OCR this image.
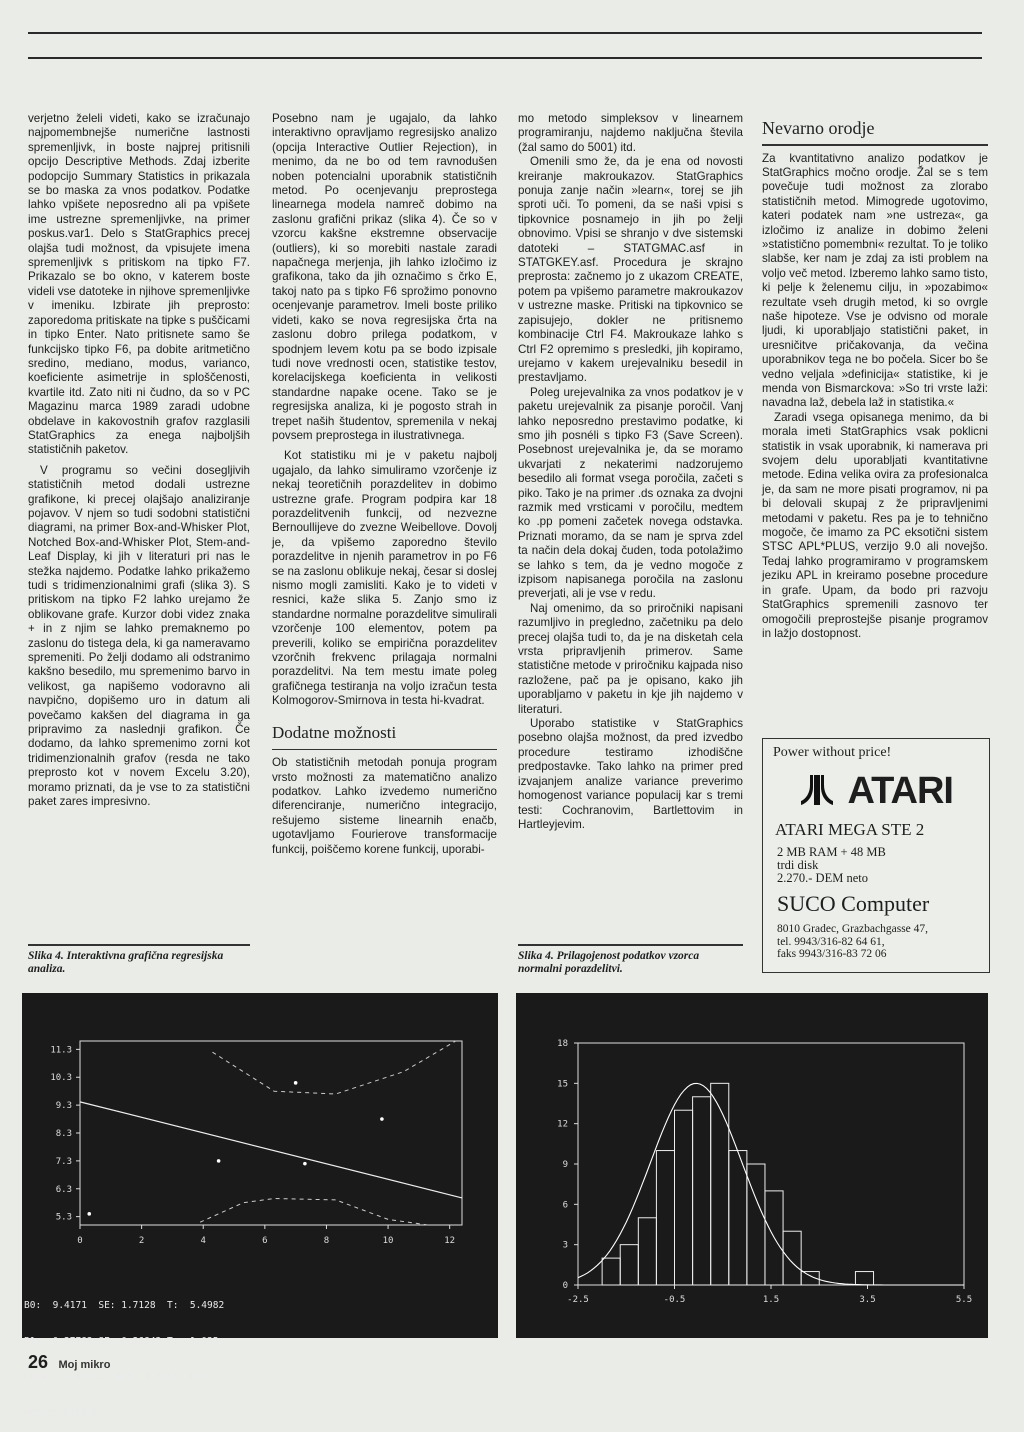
verjetno želeli videti, kako se izračunajo najpomembnejše numerične lastnosti spremenljivk, in boste najprej pritisnili opcijo Descriptive Methods. Zdaj izberite podopcijo Summary Statistics in prikazala se bo maska za vnos podatkov. Podatke lahko vpišete neposredno ali pa vpišete ime ustrezne spremenljivke, na primer poskus.var1. Delo s StatGraphics precej olajša tudi možnost, da vpisujete imena spremenljivk s pritiskom na tipko F7. Prikazalo se bo okno, v katerem boste videli vse datoteke in njihove spremenljivke v imeniku. Izbirate jih preprosto: zaporedoma pritiskate na tipke s puščicami in tipko Enter. Nato pritisnete samo še funkcijsko tipko F6, pa dobite aritmetično sredino, mediano, modus, varianco, koeficiente asimetrije in sploščenosti, kvartile itd. Zato niti ni čudno, da so v PC Magazinu marca 1989 zaradi udobne obdelave in kakovostnih grafov razglasili StatGraphics za enega najboljših statističnih paketov.

V programu so večini dosegljivih statističnih metod dodali ustrezne grafikone, ki precej olajšajo analiziranje pojavov. V njem so tudi sodobni statistični diagrami, na primer Box-and-Whisker Plot, Notched Box-and-Whisker Plot, Stem-and-Leaf Display, ki jih v literaturi pri nas le stežka najdemo. Podatke lahko prikažemo tudi s tridimenzionalnimi grafi (slika 3). S pritiskom na tipko F2 lahko urejamo že oblikovane grafe. Kurzor dobi videz znaka + in z njim se lahko premaknemo po zaslonu do tistega dela, ki ga nameravamo spremeniti. Po želji dodamo ali odstranimo kakšno besedilo, mu spremenimo barvo in velikost, ga napišemo vodoravno ali navpično, dopišemo uro in datum ali povečamo kakšen del diagrama in ga pripravimo za naslednji grafikon. Če dodamo, da lahko spremenimo zorni kot tridimenzionalnih grafov (resda ne tako preprosto kot v novem Excelu 3.20), moramo priznati, da je vse to za statistični paket zares impresivno.

Posebno nam je ugajalo, da lahko interaktivno opravljamo regresijsko analizo (opcija Interactive Outlier Rejection), in menimo, da ne bo od tem ravnodušen noben potencialni uporabnik statističnih metod. Po ocenjevanju preprostega linearnega modela namreč dobimo na zaslonu grafični prikaz (slika 4). Če so v vzorcu kakšne ekstremne observacije (outliers), ki so morebiti nastale zaradi napačnega merjenja, jih lahko izločimo iz grafikona, tako da jih označimo s črko E, takoj nato pa s tipko F6 sprožimo ponovno ocenjevanje parametrov. Imeli boste priliko videti, kako se nova regresijska črta na zaslonu dobro prilega podatkom, v spodnjem levem kotu pa se bodo izpisale tudi nove vrednosti ocen, statistike testov, korelacijskega koeficienta in velikosti standardne napake ocene. Tako se je regresijska analiza, ki je pogosto strah in trepet naših študentov, spremenila v nekaj povsem preprostega in ilustrativnega.

Kot statistiku mi je v paketu najbolj ugajalo, da lahko simuliramo vzorčenje iz nekaj teoretičnih porazdelitev in dobimo ustrezne grafe. Program podpira kar 18 porazdelitvenih funkcij, od nezvezne Bernoullijeve do zvezne Weibellove. Dovolj je, da vpišemo zaporedno število porazdelitve in njenih parametrov in po F6 se na zaslonu oblikuje nekaj, česar si doslej nismo mogli zamisliti. Kako je to videti v resnici, kaže slika 5. Zanjo smo iz standardne normalne porazdelitve simulirali vzorčenje 100 elementov, potem pa preverili, koliko se empirična porazdelitev vzorčnih frekvenc prilagaja normalni porazdelitvi. Na tem mestu imate poleg grafičnega testiranja na voljo izračun testa Kolmogorov-Smirnova in testa hi-kvadrat.

Dodatne možnosti

Ob statističnih metodah ponuja program vrsto možnosti za matematično analizo podatkov. Lahko izvedemo numerično diferenciranje, numerično integracijo, rešujemo sisteme linearnih enačb, ugotavljamo Fourierove transformacije funkcij, poiščemo korene funkcij, uporabi-

mo metodo simpleksov v linearnem programiranju, najdemo naključna števila (žal samo do 5001) itd.

Omenili smo že, da je ena od novosti kreiranje makroukazov. StatGraphics ponuja zanje način »learn«, torej se jih sproti uči. To pomeni, da se naši vpisi s tipkovnice posnamejo in jih po želji obnovimo. Vpisi se shranjo v dve sistemski datoteki – STATGMAC.asf in STATGKEY.asf. Procedura je skrajno preprosta: začnemo jo z ukazom CREATE, potem pa vpišemo parametre makroukazov v ustrezne maske. Pritiski na tipkovnico se zapisujejo, dokler ne pritisnemo kombinacije Ctrl F4. Makroukaze lahko s Ctrl F2 opremimo s presledki, jih kopiramo, urejamo v kakem urejevalniku besedil in prestavljamo.

Poleg urejevalnika za vnos podatkov je v paketu urejevalnik za pisanje poročil. Vanj lahko neposredno prestavimo podatke, ki smo jih posnéli s tipko F3 (Save Screen). Posebnost urejevalnika je, da se moramo ukvarjati z nekaterimi nadzorujemo besedilo ali format vsega poročila, začeti s piko. Tako je na primer .ds oznaka za dvojni razmik med vrsticami v poročilu, medtem ko .pp pomeni začetek novega odstavka. Priznati moramo, da se nam je sprva zdel ta način dela dokaj čuden, toda potolažimo se lahko s tem, da je vedno mogoče z izpisom napisanega poročila na zaslonu preverjati, ali je vse v redu.

Naj omenimo, da so priročniki napisani razumljivo in pregledno, začetniku pa delo precej olajša tudi to, da je na disketah cela vrsta pripravljenih primerov. Same statistične metode v priročniku kajpada niso razložene, pač pa je opisano, kako jih uporabljamo v paketu in kje jih najdemo v literaturi.

Uporabo statistike v StatGraphics posebno olajša možnost, da pred izvedbo procedure testiramo izhodiščne predpostavke. Tako lahko na primer pred izvajanjem analize variance preverimo homogenost variance populacij kar s tremi testi: Cochranovim, Bartlettovim in Hartleyjevim.

Nevarno orodje

Za kvantitativno analizo podatkov je StatGraphics močno orodje. Žal se s tem povečuje tudi možnost za zlorabo statističnih metod. Mimogrede ugotovimo, kateri podatek nam »ne ustreza«, ga izločimo iz analize in dobimo želeni »statistično pomembni« rezultat. To je toliko slabše, ker nam je zdaj za isti problem na voljo več metod. Izberemo lahko samo tisto, ki pelje k želenemu cilju, in »pozabimo« rezultate vseh drugih metod, ki so ovrgle naše hipoteze. Vse je odvisno od morale ljudi, ki uporabljajo statistični paket, in uresničitve pričakovanja, da večina uporabnikov tega ne bo počela. Sicer bo še vedno veljala »definicija« statistike, ki je menda von Bismarckova: »So tri vrste laži: navadna laž, debela laž in statistika.«

Zaradi vsega opisanega menimo, da bi morala imeti StatGraphics vsak poklicni statistik in vsak uporabnik, ki namerava pri svojem delu uporabljati kvantitativne metode. Edina velika ovira za profesionalca je, da sam ne more pisati programov, ni pa bi delovali skupaj z že pripravljenimi metodami v paketu. Res pa je to tehnično mogoče, če imamo za PC eksotični sistem STSC APL*PLUS, verzijo 9.0 ali novejšo. Tedaj lahko programiramo v programskem jeziku APL in kreiramo posebne procedure in grafe. Upam, da bodo pri razvoju StatGraphics spremenili zasnovo ter omogočili preprostejše pisanje programov in lažjo dostopnost.

Slika 4. Interaktivna grafična regresijska analiza.
Slika 4. Prilagojenost podatkov vzorca normalni porazdelitvi.
Power without price!
ATARI
ATARI MEGA STE 2
2 MB RAM + 48 MB
trdi disk
2.270.- DEM neto
SUCO Computer
8010 Gradec, Grazbachgasse 47,
tel. 9943/316-82 64 61,
faks 9943/316-83 72 06
11.3
10.3
9.3
8.3
7.3
6.3
5.3
0	2	4	6	8	10	12

B0:  9.4171  SE: 1.7128  T:  5.4982

B1: -0.27783 SE: 0.26843 T: -1.035

CORR: -0.42006  MSE: 4.3061  DF: 5

POINTS DELETED:

18
15
12
9
6
3
0
-2.5	-0.5	1.5	3.5	5.5
26 Moj mikro
